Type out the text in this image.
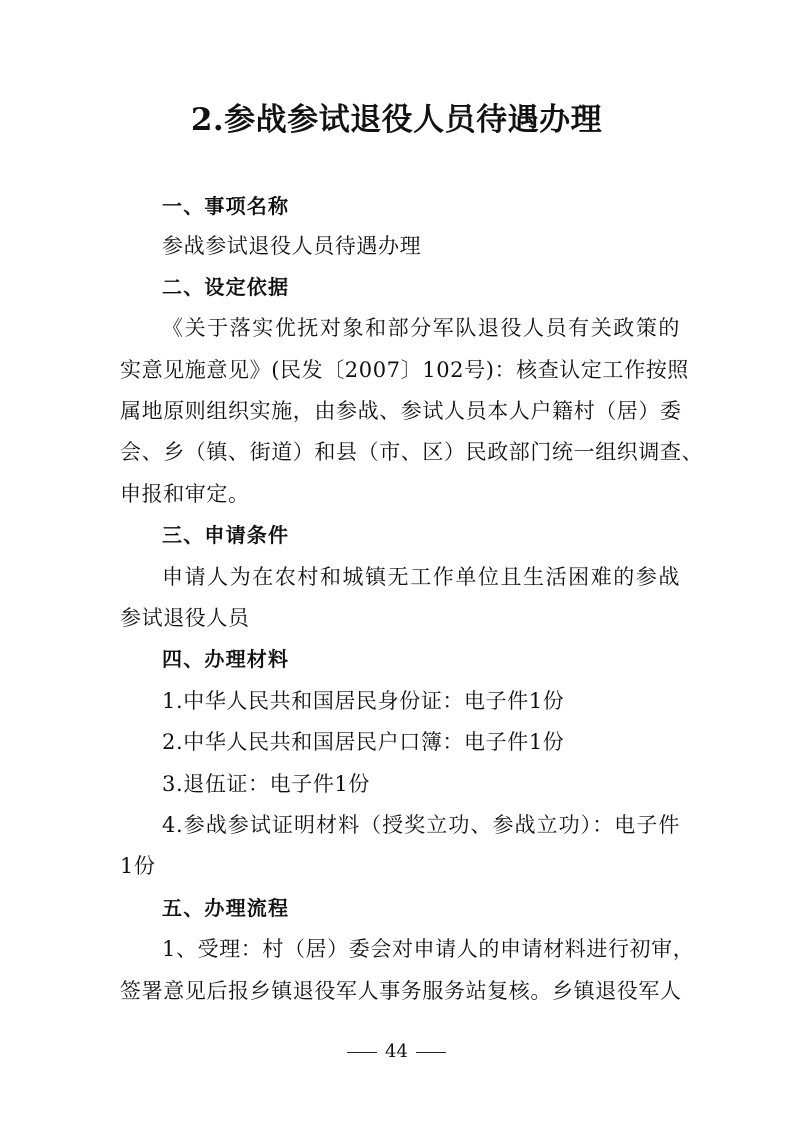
2.参战参试退役人员待遇办理
一、事项名称
参战参试退役人员待遇办理
二、设定依据
《关于落实优抚对象和部分军队退役人员有关政策的
实意见施意见》(民发〔2007〕102号)：核查认定工作按照
属地原则组织实施，由参战、参试人员本人户籍村（居）委
会、乡（镇、街道）和县（市、区）民政部门统一组织调查、
申报和审定。
三、申请条件
申请人为在农村和城镇无工作单位且生活困难的参战
参试退役人员
四、办理材料
1.中华人民共和国居民身份证：电子件1份
2.中华人民共和国居民户口簿：电子件1份
3.退伍证：电子件1份
4.参战参试证明材料（授奖立功、参战立功）：电子件
1份
五、办理流程
1、受理：村（居）委会对申请人的申请材料进行初审，
签署意见后报乡镇退役军人事务服务站复核。乡镇退役军人
44
